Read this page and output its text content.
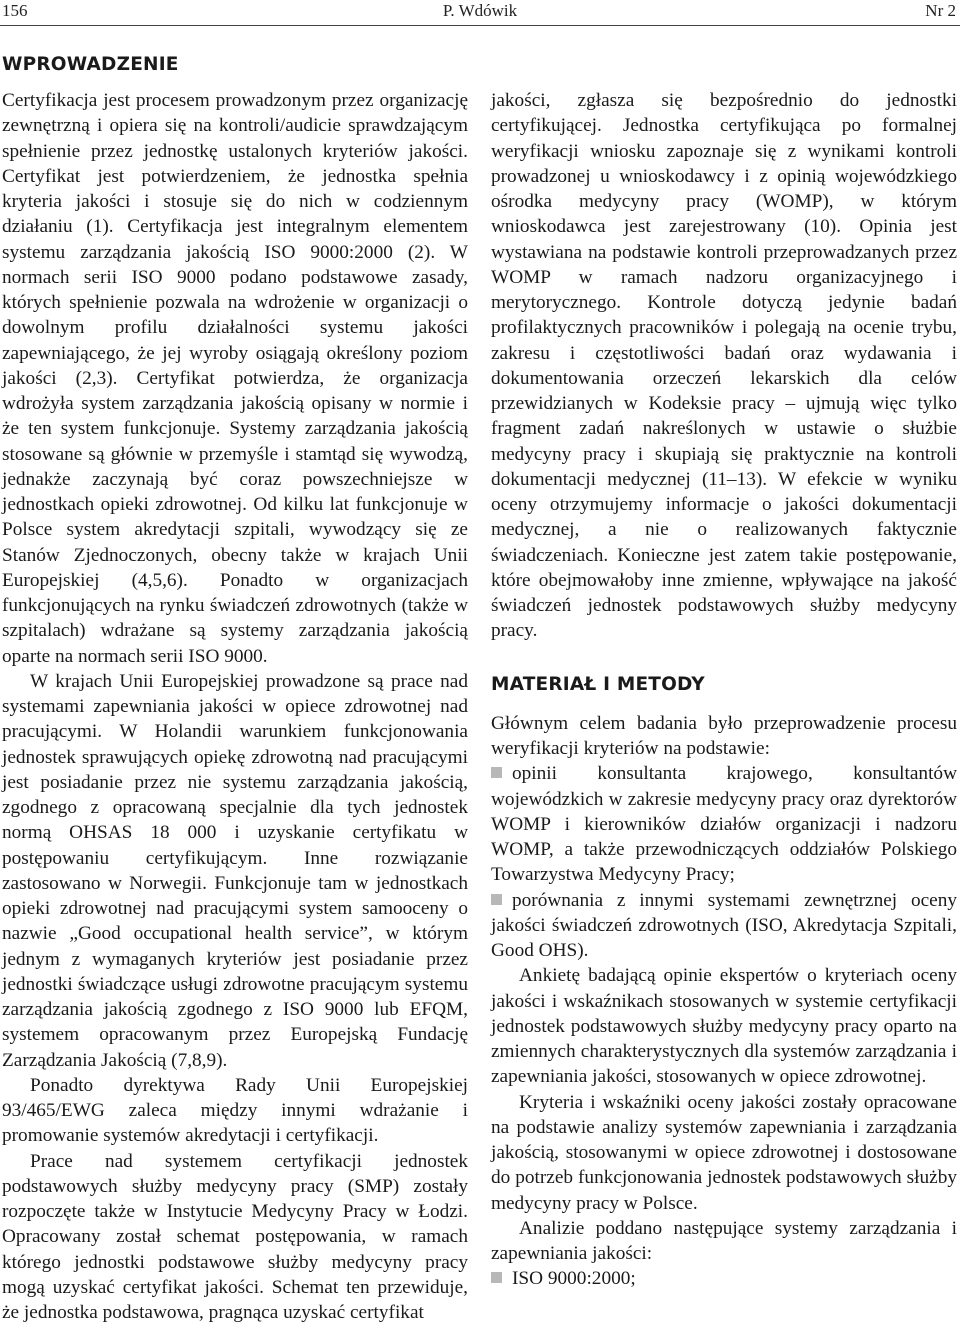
156	P. Wdówik	Nr 2
WPROWADZENIE

Certyfikacja jest procesem prowadzonym przez organizację zewnętrzną i opiera się na kontroli/audicie sprawdzającym spełnienie przez jednostkę ustalonych kryteriów jakości. Certyfikat jest potwierdzeniem, że jednostka spełnia kryteria jakości i stosuje się do nich w codziennym działaniu (1). Certyfikacja jest integralnym elementem systemu zarządzania jakością ISO 9000:2000 (2). W normach serii ISO 9000 podano podstawowe zasady, których spełnienie pozwala na wdrożenie w organizacji o dowolnym profilu działalności systemu jakości zapewniającego, że jej wyroby osiągają określony poziom jakości (2,3). Certyfikat potwierdza, że organizacja wdrożyła system zarządzania jakością opisany w normie i że ten system funkcjonuje. Systemy zarządzania jakością stosowane są głównie w przemyśle i stamtąd się wywodzą, jednakże zaczynają być coraz powszechniejsze w jednostkach opieki zdrowotnej. Od kilku lat funkcjonuje w Polsce system akredytacji szpitali, wywodzący się ze Stanów Zjednoczonych, obecny także w krajach Unii Europejskiej (4,5,6). Ponadto w organizacjach funkcjonujących na rynku świadczeń zdrowotnych (także w szpitalach) wdrażane są systemy zarządzania jakością oparte na normach serii ISO 9000.

W krajach Unii Europejskiej prowadzone są prace nad systemami zapewniania jakości w opiece zdrowotnej nad pracującymi. W Holandii warunkiem funkcjonowania jednostek sprawujących opiekę zdrowotną nad pracującymi jest posiadanie przez nie systemu zarządzania jakością, zgodnego z opracowaną specjalnie dla tych jednostek normą OHSAS 18 000 i uzyskanie certyfikatu w postępowaniu certyfikującym. Inne rozwiązanie zastosowano w Norwegii. Funkcjonuje tam w jednostkach opieki zdrowotnej nad pracującymi system samooceny o nazwie „Good occupational health service”, w którym jednym z wymaganych kryteriów jest posiadanie przez jednostki świadczące usługi zdrowotne pracującym systemu zarządzania jakością zgodnego z ISO 9000 lub EFQM, systemem opracowanym przez Europejską Fundację Zarządzania Jakością (7,8,9).

Ponadto dyrektywa Rady Unii Europejskiej 93/465/EWG zaleca między innymi wdrażanie i promowanie systemów akredytacji i certyfikacji.

Prace nad systemem certyfikacji jednostek podstawowych służby medycyny pracy (SMP) zostały rozpoczęte także w Instytucie Medycyny Pracy w Łodzi. Opracowany został schemat postępowania, w ramach którego jednostki podstawowe służby medycyny pracy mogą uzyskać certyfikat jakości. Schemat ten przewiduje, że jednostka podstawowa, pragnąca uzyskać certyfikat

jakości, zgłasza się bezpośrednio do jednostki certyfikującej. Jednostka certyfikująca po formalnej weryfikacji wniosku zapoznaje się z wynikami kontroli prowadzonej u wnioskodawcy i z opinią wojewódzkiego ośrodka medycyny pracy (WOMP), w którym wnioskodawca jest zarejestrowany (10). Opinia jest wystawiana na podstawie kontroli przeprowadzanych przez WOMP w ramach nadzoru organizacyjnego i merytorycznego. Kontrole dotyczą jedynie badań profilaktycznych pracowników i polegają na ocenie trybu, zakresu i częstotliwości badań oraz wydawania i dokumentowania orzeczeń lekarskich dla celów przewidzianych w Kodeksie pracy – ujmują więc tylko fragment zadań nakreślonych w ustawie o służbie medycyny pracy i skupiają się praktycznie na kontroli dokumentacji medycznej (11–13). W efekcie w wyniku oceny otrzymujemy informacje o jakości dokumentacji medycznej, a nie o realizowanych faktycznie świadczeniach. Konieczne jest zatem takie postępowanie, które obejmowałoby inne zmienne, wpływające na jakość świadczeń jednostek podstawowych służby medycyny pracy.

MATERIAŁ I METODY

Głównym celem badania było przeprowadzenie procesu weryfikacji kryteriów na podstawie:

opinii konsultanta krajowego, konsultantów wojewódzkich w zakresie medycyny pracy oraz dyrektorów WOMP i kierowników działów organizacji i nadzoru WOMP, a także przewodniczących oddziałów Polskiego Towarzystwa Medycyny Pracy;

porównania z innymi systemami zewnętrznej oceny jakości świadczeń zdrowotnych (ISO, Akredytacja Szpitali, Good OHS).

Ankietę badającą opinie ekspertów o kryteriach oceny jakości i wskaźnikach stosowanych w systemie certyfikacji jednostek podstawowych służby medycyny pracy oparto na zmiennych charakterystycznych dla systemów zarządzania i zapewniania jakości, stosowanych w opiece zdrowotnej.

Kryteria i wskaźniki oceny jakości zostały opracowane na podstawie analizy systemów zapewniania i zarządzania jakością, stosowanymi w opiece zdrowotnej i dostosowane do potrzeb funkcjonowania jednostek podstawowych służby medycyny pracy w Polsce.

Analizie poddano następujące systemy zarządzania i zapewniania jakości:

ISO 9000:2000;
